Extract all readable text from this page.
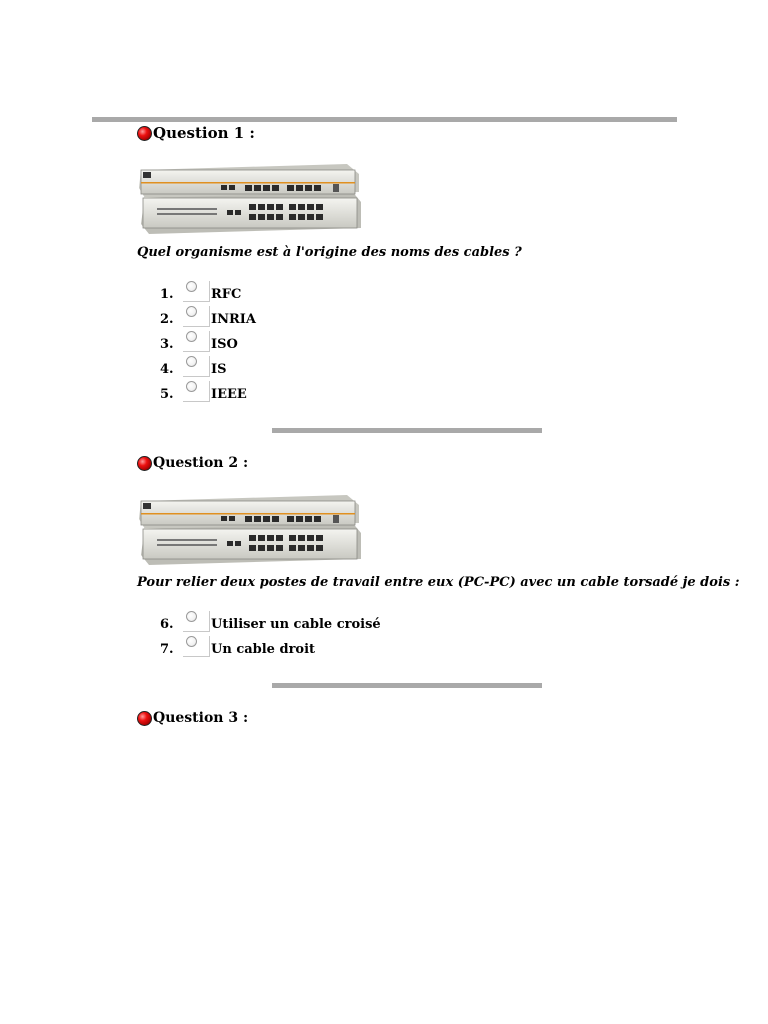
Question 1 :
Quel organisme est à l'origine des noms des cables ?
1.	RFC
2.	INRIA
3.	ISO
4.	IS
5.	IEEE
Question 2 :
Pour relier deux postes de travail entre eux (PC-PC) avec un cable torsadé je dois :
6.	Utiliser un cable croisé
7.	Un cable droit
Question 3 :
